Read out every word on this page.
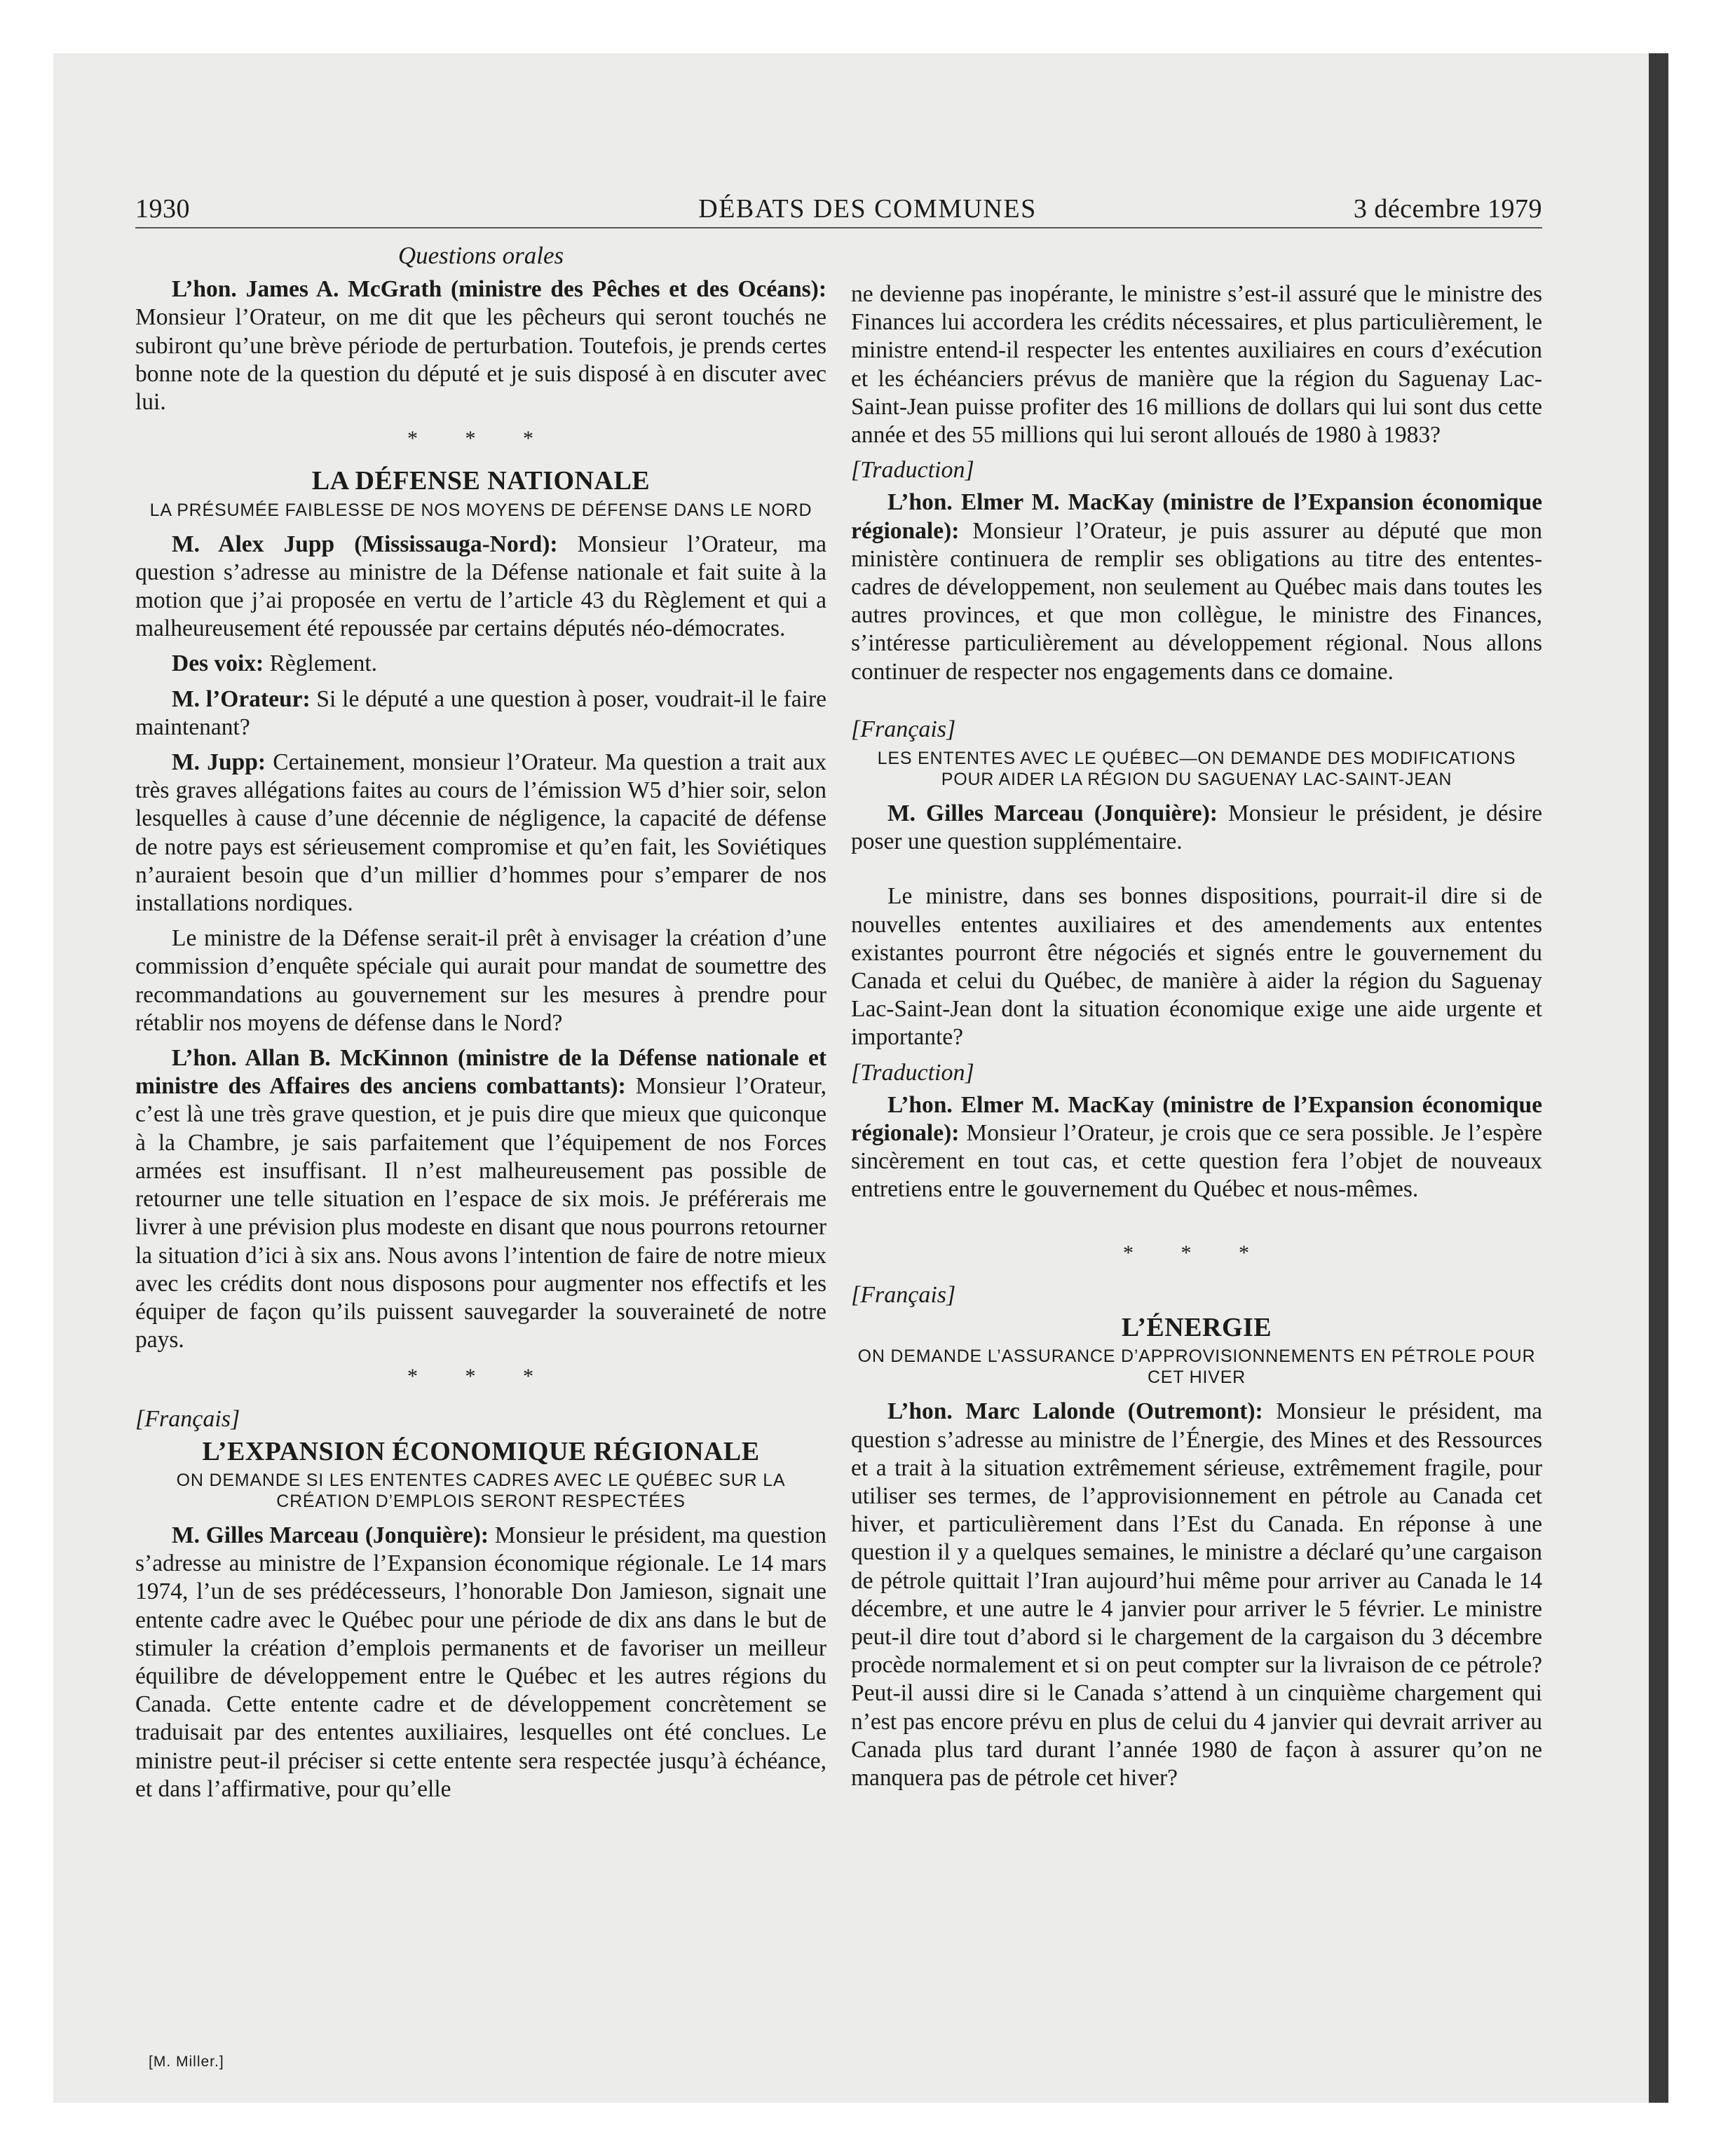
1930	DÉBATS DES COMMUNES	3 décembre 1979
Questions orales

L’hon. James A. McGrath (ministre des Pêches et des Océans): Monsieur l’Orateur, on me dit que les pêcheurs qui seront touchés ne subiront qu’une brève période de perturbation. Toutefois, je prends certes bonne note de la question du député et je suis disposé à en discuter avec lui.

* * *
LA DÉFENSE NATIONALE
LA PRÉSUMÉE FAIBLESSE DE NOS MOYENS DE DÉFENSE DANS LE NORD

M. Alex Jupp (Mississauga-Nord): Monsieur l’Orateur, ma question s’adresse au ministre de la Défense nationale et fait suite à la motion que j’ai proposée en vertu de l’article 43 du Règlement et qui a malheureusement été repoussée par certains députés néo-démocrates.

Des voix: Règlement.

M. l’Orateur: Si le député a une question à poser, voudrait-il le faire maintenant?

M. Jupp: Certainement, monsieur l’Orateur. Ma question a trait aux très graves allégations faites au cours de l’émission W5 d’hier soir, selon lesquelles à cause d’une décennie de négligence, la capacité de défense de notre pays est sérieusement compromise et qu’en fait, les Soviétiques n’auraient besoin que d’un millier d’hommes pour s’emparer de nos installations nordiques.

Le ministre de la Défense serait-il prêt à envisager la création d’une commission d’enquête spéciale qui aurait pour mandat de soumettre des recommandations au gouvernement sur les mesures à prendre pour rétablir nos moyens de défense dans le Nord?

L’hon. Allan B. McKinnon (ministre de la Défense nationale et ministre des Affaires des anciens combattants): Monsieur l’Orateur, c’est là une très grave question, et je puis dire que mieux que quiconque à la Chambre, je sais parfaitement que l’équipement de nos Forces armées est insuffisant. Il n’est malheureusement pas possible de retourner une telle situation en l’espace de six mois. Je préférerais me livrer à une prévision plus modeste en disant que nous pourrons retourner la situation d’ici à six ans. Nous avons l’intention de faire de notre mieux avec les crédits dont nous disposons pour augmenter nos effectifs et les équiper de façon qu’ils puissent sauvegarder la souveraineté de notre pays.

* * *
[Français]
L’EXPANSION ÉCONOMIQUE RÉGIONALE
ON DEMANDE SI LES ENTENTES CADRES AVEC LE QUÉBEC SUR LA CRÉATION D’EMPLOIS SERONT RESPECTÉES

M. Gilles Marceau (Jonquière): Monsieur le président, ma question s’adresse au ministre de l’Expansion économique régionale. Le 14 mars 1974, l’un de ses prédécesseurs, l’honorable Don Jamieson, signait une entente cadre avec le Québec pour une période de dix ans dans le but de stimuler la création d’emplois permanents et de favoriser un meilleur équilibre de développement entre le Québec et les autres régions du Canada. Cette entente cadre et de développement concrètement se traduisait par des ententes auxiliaires, lesquelles ont été conclues. Le ministre peut-il préciser si cette entente sera respectée jusqu’à échéance, et dans l’affirmative, pour qu’elle

ne devienne pas inopérante, le ministre s’est-il assuré que le ministre des Finances lui accordera les crédits nécessaires, et plus particulièrement, le ministre entend-il respecter les ententes auxiliaires en cours d’exécution et les échéanciers prévus de manière que la région du Saguenay Lac-Saint-Jean puisse profiter des 16 millions de dollars qui lui sont dus cette année et des 55 millions qui lui seront alloués de 1980 à 1983?

[Traduction]

L’hon. Elmer M. MacKay (ministre de l’Expansion économique régionale): Monsieur l’Orateur, je puis assurer au député que mon ministère continuera de remplir ses obligations au titre des ententes-cadres de développement, non seulement au Québec mais dans toutes les autres provinces, et que mon collègue, le ministre des Finances, s’intéresse particulièrement au développement régional. Nous allons continuer de respecter nos engagements dans ce domaine.

[Français]
LES ENTENTES AVEC LE QUÉBEC—ON DEMANDE DES MODIFICATIONS POUR AIDER LA RÉGION DU SAGUENAY LAC-SAINT-JEAN

M. Gilles Marceau (Jonquière): Monsieur le président, je désire poser une question supplémentaire.

Le ministre, dans ses bonnes dispositions, pourrait-il dire si de nouvelles ententes auxiliaires et des amendements aux ententes existantes pourront être négociés et signés entre le gouvernement du Canada et celui du Québec, de manière à aider la région du Saguenay Lac-Saint-Jean dont la situation économique exige une aide urgente et importante?

[Traduction]

L’hon. Elmer M. MacKay (ministre de l’Expansion économique régionale): Monsieur l’Orateur, je crois que ce sera possible. Je l’espère sincèrement en tout cas, et cette question fera l’objet de nouveaux entretiens entre le gouvernement du Québec et nous-mêmes.

* * *
[Français]
L’ÉNERGIE
ON DEMANDE L’ASSURANCE D’APPROVISIONNEMENTS EN PÉTROLE POUR CET HIVER

L’hon. Marc Lalonde (Outremont): Monsieur le président, ma question s’adresse au ministre de l’Énergie, des Mines et des Ressources et a trait à la situation extrêmement sérieuse, extrêmement fragile, pour utiliser ses termes, de l’approvisionnement en pétrole au Canada cet hiver, et particulièrement dans l’Est du Canada. En réponse à une question il y a quelques semaines, le ministre a déclaré qu’une cargaison de pétrole quittait l’Iran aujourd’hui même pour arriver au Canada le 14 décembre, et une autre le 4 janvier pour arriver le 5 février. Le ministre peut-il dire tout d’abord si le chargement de la cargaison du 3 décembre procède normalement et si on peut compter sur la livraison de ce pétrole? Peut-il aussi dire si le Canada s’attend à un cinquième chargement qui n’est pas encore prévu en plus de celui du 4 janvier qui devrait arriver au Canada plus tard durant l’année 1980 de façon à assurer qu’on ne manquera pas de pétrole cet hiver?

[M. Miller.]
